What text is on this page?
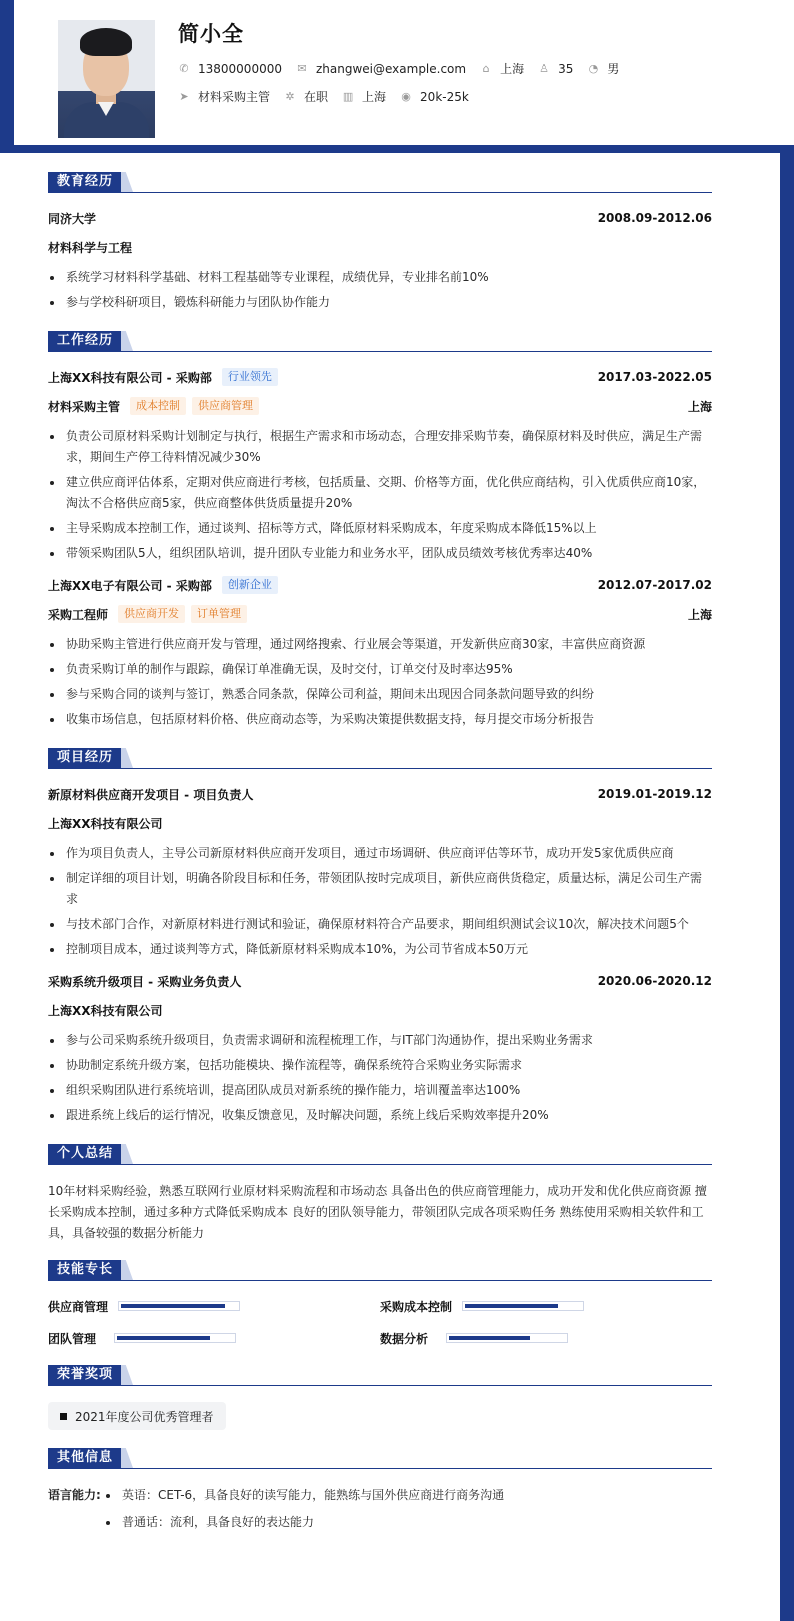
简小全
✆ 13800000000 ✉ zhangwei@example.com ⌂ 上海 ♙ 35 ◔ 男
➤ 材料采购主管 ✲ 在职 ▥ 上海 ◉ 20k-25k
教育经历
同济大学	2008.09-2012.06
材料科学与工程
系统学习材料科学基础、材料工程基础等专业课程，成绩优异，专业排名前10%
参与学校科研项目，锻炼科研能力与团队协作能力
工作经历
上海XX科技有限公司 - 采购部	行业领先	2017.03-2022.05
材料采购主管	成本控制	供应商管理	上海
负责公司原材料采购计划制定与执行，根据生产需求和市场动态，合理安排采购节奏，确保原材料及时供应，满足生产需求，期间生产停工待料情况减少30%
建立供应商评估体系，定期对供应商进行考核，包括质量、交期、价格等方面，优化供应商结构，引入优质供应商10家，淘汰不合格供应商5家，供应商整体供货质量提升20%
主导采购成本控制工作，通过谈判、招标等方式，降低原材料采购成本，年度采购成本降低15%以上
带领采购团队5人，组织团队培训，提升团队专业能力和业务水平，团队成员绩效考核优秀率达40%
上海XX电子有限公司 - 采购部	创新企业	2012.07-2017.02
采购工程师	供应商开发	订单管理	上海
协助采购主管进行供应商开发与管理，通过网络搜索、行业展会等渠道，开发新供应商30家，丰富供应商资源
负责采购订单的制作与跟踪，确保订单准确无误，及时交付，订单交付及时率达95%
参与采购合同的谈判与签订，熟悉合同条款，保障公司利益，期间未出现因合同条款问题导致的纠纷
收集市场信息，包括原材料价格、供应商动态等，为采购决策提供数据支持，每月提交市场分析报告
项目经历
新原材料供应商开发项目 - 项目负责人	2019.01-2019.12
上海XX科技有限公司
作为项目负责人，主导公司新原材料供应商开发项目，通过市场调研、供应商评估等环节，成功开发5家优质供应商
制定详细的项目计划，明确各阶段目标和任务，带领团队按时完成项目，新供应商供货稳定，质量达标，满足公司生产需求
与技术部门合作，对新原材料进行测试和验证，确保原材料符合产品要求，期间组织测试会议10次，解决技术问题5个
控制项目成本，通过谈判等方式，降低新原材料采购成本10%，为公司节省成本50万元
采购系统升级项目 - 采购业务负责人	2020.06-2020.12
上海XX科技有限公司
参与公司采购系统升级项目，负责需求调研和流程梳理工作，与IT部门沟通协作，提出采购业务需求
协助制定系统升级方案，包括功能模块、操作流程等，确保系统符合采购业务实际需求
组织采购团队进行系统培训，提高团队成员对新系统的操作能力，培训覆盖率达100%
跟进系统上线后的运行情况，收集反馈意见，及时解决问题，系统上线后采购效率提升20%
个人总结
10年材料采购经验，熟悉互联网行业原材料采购流程和市场动态 具备出色的供应商管理能力，成功开发和优化供应商资源 擅长采购成本控制，通过多种方式降低采购成本 良好的团队领导能力，带领团队完成各项采购任务 熟练使用采购相关软件和工具，具备较强的数据分析能力
技能专长
供应商管理	采购成本控制
团队管理	数据分析
荣誉奖项
2021年度公司优秀管理者
其他信息
语言能力:	英语：CET-6，具备良好的读写能力，能熟练与国外供应商进行商务沟通
普通话：流利，具备良好的表达能力
